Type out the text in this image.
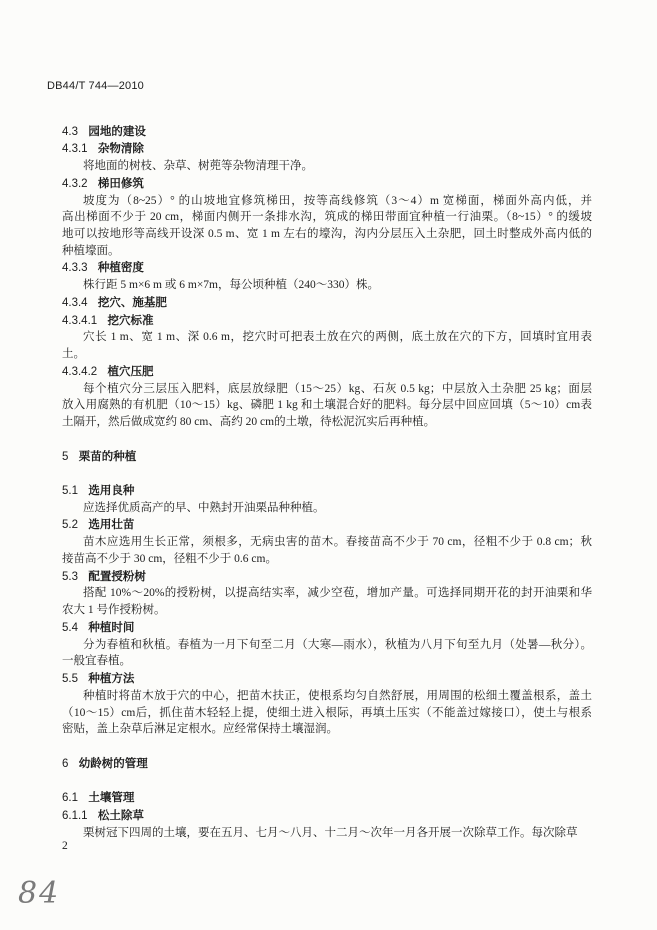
DB44/T 744—2010
4.3 园地的建设
4.3.1 杂物清除
将地面的树枝、杂草、树蔸等杂物清理干净。
4.3.2 梯田修筑
坡度为（8~25）° 的山坡地宜修筑梯田，按等高线修筑（3～4）m 宽梯面，梯面外高内低，并
高出梯面不少于 20 cm，梯面内侧开一条排水沟，筑成的梯田带面宜种植一行油栗。（8~15）° 的缓坡
地可以按地形等高线开设深 0.5 m、宽 1 m 左右的壕沟，沟内分层压入土杂肥，回土时整成外高内低的
种植壕面。
4.3.3 种植密度
株行距 5 m×6 m 或 6 m×7m，每公顷种植（240～330）株。
4.3.4 挖穴、施基肥
4.3.4.1 挖穴标准
穴长 1 m、宽 1 m、深 0.6 m，挖穴时可把表土放在穴的两侧，底土放在穴的下方，回填时宜用表
土。
4.3.4.2 植穴压肥
每个植穴分三层压入肥料，底层放绿肥（15～25）kg、石灰 0.5 kg；中层放入土杂肥 25 kg；面层
放入用腐熟的有机肥（10～15）kg、磷肥 1 kg 和土壤混合好的肥料。每分层中回应回填（5～10）cm表
土隔开，然后做成宽约 80 cm、高约 20 cm的土墩，待松泥沉实后再种植。
5 栗苗的种植
5.1 选用良种
应选择优质高产的早、中熟封开油栗品种种植。
5.2 选用壮苗
苗木应选用生长正常，须根多，无病虫害的苗木。春接苗高不少于 70 cm，径粗不少于 0.8 cm；秋
接苗高不少于 30 cm，径粗不少于 0.6 cm。
5.3 配置授粉树
搭配 10%～20%的授粉树，以提高结实率，减少空苞，增加产量。可选择同期开花的封开油栗和华
农大 1 号作授粉树。
5.4 种植时间
分为春植和秋植。春植为一月下旬至二月（大寒—雨水），秋植为八月下旬至九月（处暑—秋分）。
一般宜春植。
5.5 种植方法
种植时将苗木放于穴的中心，把苗木扶正，使根系均匀自然舒展，用周围的松细土覆盖根系，盖土
（10～15）cm后，抓住苗木轻轻上提，使细土进入根际，再填土压实（不能盖过嫁接口），使土与根系
密贴，盖上杂草后淋足定根水。应经常保持土壤湿润。
6 幼龄树的管理
6.1 土壤管理
6.1.1 松土除草
栗树冠下四周的土壤，要在五月、七月～八月、十二月～次年一月各开展一次除草工作。每次除草
2
84
